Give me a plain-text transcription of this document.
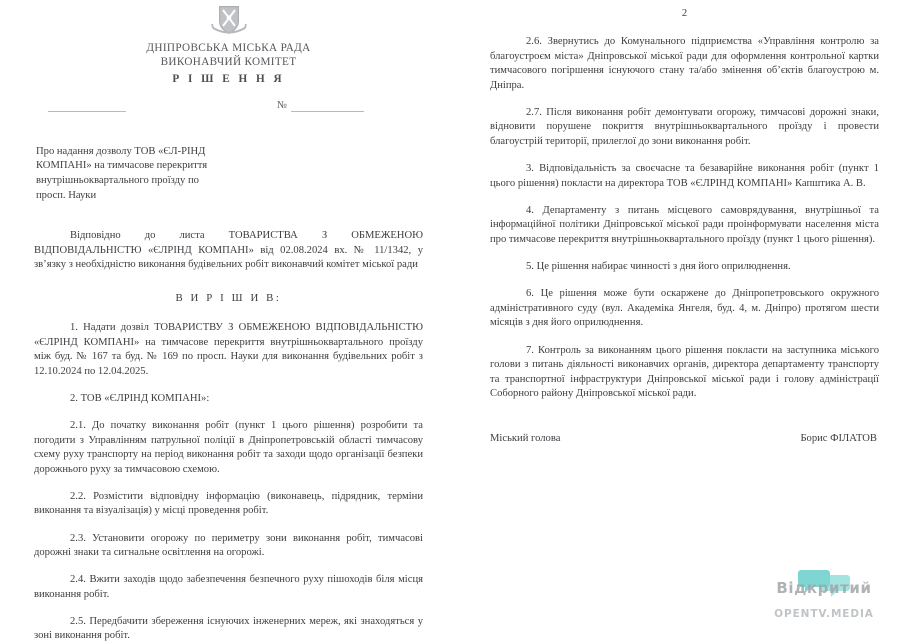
ДНІПРОВСЬКА МІСЬКА РАДА
ВИКОНАВЧИЙ КОМІТЕТ
Р І Ш Е Н Н Я
№
Про надання дозволу ТОВ «ЄЛ-РІНД КОМПАНІ» на тимчасове перекриття внутрішньоквартального проїзду по просп. Науки

Відповідно до листа ТОВАРИСТВА З ОБМЕЖЕНОЮ ВІДПОВІДАЛЬНІСТЮ «ЄЛРІНД КОМПАНІ» від 02.08.2024 вх. № 11/1342, у зв’язку з необхідністю виконання будівельних робіт виконавчий комітет міської ради

В И Р І Ш И В:

1. Надати дозвіл ТОВАРИСТВУ З ОБМЕЖЕНОЮ ВІДПОВІДАЛЬНІСТЮ «ЄЛРІНД КОМПАНІ» на тимчасове перекриття внутрішньоквартального проїзду між буд. № 167 та буд. № 169 по просп. Науки для виконання будівельних робіт з 12.10.2024 по 12.04.2025.

2. ТОВ «ЄЛРІНД КОМПАНІ»:

2.1. До початку виконання робіт (пункт 1 цього рішення) розробити та погодити з Управлінням патрульної поліції в Дніпропетровській області тимчасову схему руху транспорту на період виконання робіт та заходи щодо організації безпеки дорожнього руху за тимчасовою схемою.

2.2. Розмістити відповідну інформацію (виконавець, підрядник, терміни виконання та візуалізація) у місці проведення робіт.

2.3. Установити огорожу по периметру зони виконання робіт, тимчасові дорожні знаки та сигнальне освітлення на огорожі.

2.4. Вжити заходів щодо забезпечення безпечного руху пішоходів біля місця виконання робіт.

2.5. Передбачити збереження існуючих інженерних мереж, які знаходяться у зоні виконання робіт.

2

2.6. Звернутись до Комунального підприємства «Управління контролю за благоустроєм міста» Дніпровської міської ради для оформлення контрольної картки тимчасового погіршення існуючого стану та/або змінення об’єктів благоустрою м. Дніпра.

2.7. Після виконання робіт демонтувати огорожу, тимчасові дорожні знаки, відновити порушене покриття внутрішньоквартального проїзду і провести благоустрій території, прилеглої до зони виконання робіт.

3. Відповідальність за своєчасне та безаварійне виконання робіт (пункт 1 цього рішення) покласти на директора ТОВ «ЄЛРІНД КОМПАНІ» Капштика А. В.

4. Департаменту з питань місцевого самоврядування, внутрішньої та інформаційної політики Дніпровської міської ради проінформувати населення міста про тимчасове перекриття внутрішньоквартального проїзду (пункт 1 цього рішення).

5. Це рішення набирає чинності з дня його оприлюднення.

6. Це рішення може бути оскаржене до Дніпропетровського окружного адміністративного суду (вул. Академіка Янгеля, буд. 4, м. Дніпро) протягом шести місяців з дня його оприлюднення.

7. Контроль за виконанням цього рішення покласти на заступника міського голови з питань діяльності виконавчих органів, директора департаменту транспорту та транспортної інфраструктури Дніпровської міської ради і голову адміністрації Соборного району Дніпровської міської ради.

Міський голова	Борис ФІЛАТОВ
Відкритий
OPENTV.MEDIA
